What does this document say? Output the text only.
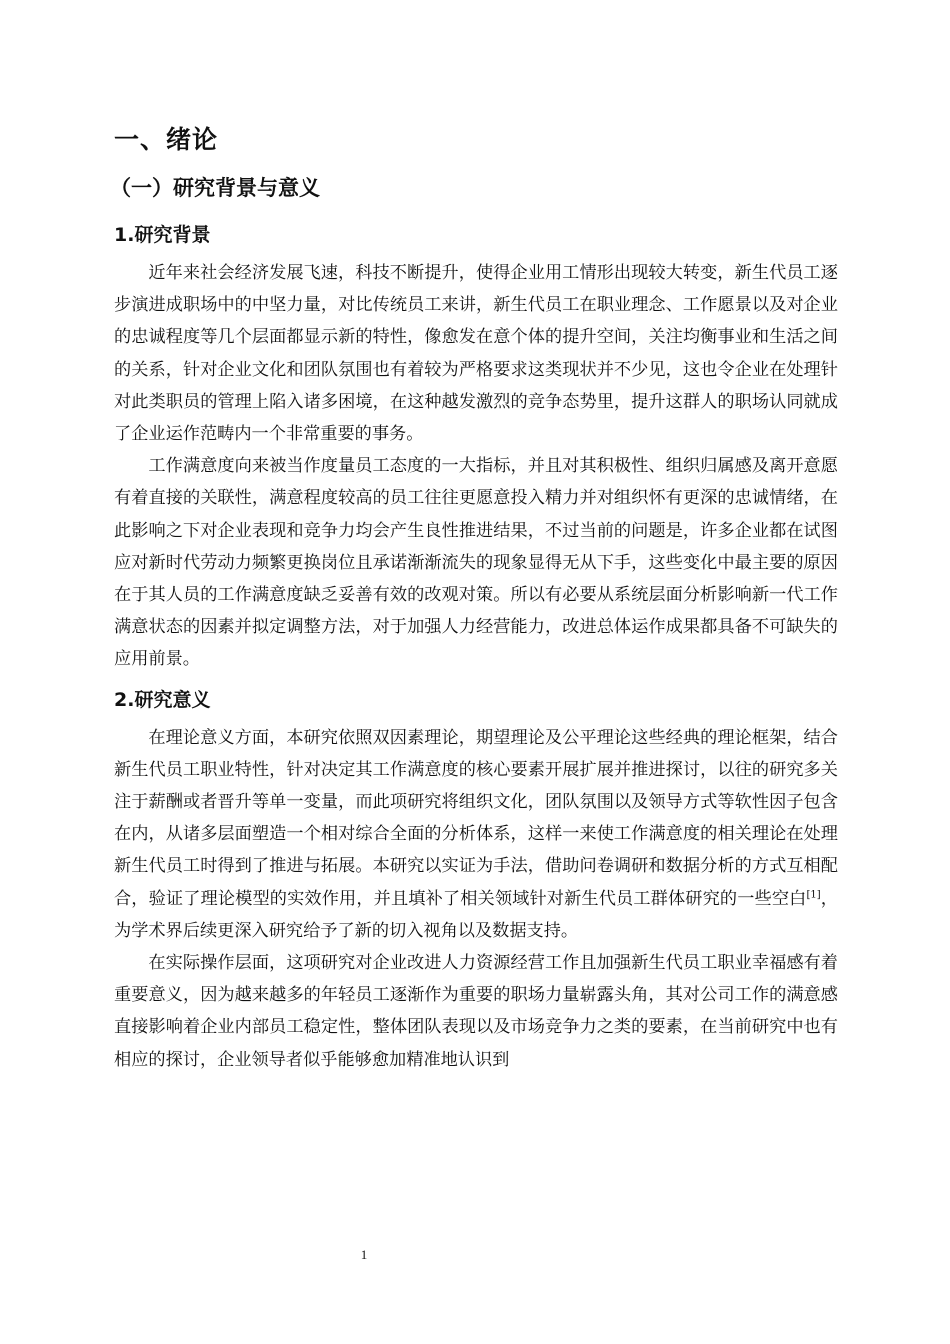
一、绪论
（一）研究背景与意义
1.研究背景

近年来社会经济发展飞速，科技不断提升，使得企业用工情形出现较大转变，新生代员工逐步演进成职场中的中坚力量，对比传统员工来讲，新生代员工在职业理念、工作愿景以及对企业的忠诚程度等几个层面都显示新的特性，像愈发在意个体的提升空间，关注均衡事业和生活之间的关系，针对企业文化和团队氛围也有着较为严格要求这类现状并不少见，这也令企业在处理针对此类职员的管理上陷入诸多困境，在这种越发激烈的竞争态势里，提升这群人的职场认同就成了企业运作范畴内一个非常重要的事务。

工作满意度向来被当作度量员工态度的一大指标，并且对其积极性、组织归属感及离开意愿有着直接的关联性，满意程度较高的员工往往更愿意投入精力并对组织怀有更深的忠诚情绪，在此影响之下对企业表现和竞争力均会产生良性推进结果，不过当前的问题是，许多企业都在试图应对新时代劳动力频繁更换岗位且承诺渐渐流失的现象显得无从下手，这些变化中最主要的原因在于其人员的工作满意度缺乏妥善有效的改观对策。所以有必要从系统层面分析影响新一代工作满意状态的因素并拟定调整方法，对于加强人力经营能力，改进总体运作成果都具备不可缺失的应用前景。

2.研究意义

在理论意义方面，本研究依照双因素理论，期望理论及公平理论这些经典的理论框架，结合新生代员工职业特性，针对决定其工作满意度的核心要素开展扩展并推进探讨，以往的研究多关注于薪酬或者晋升等单一变量，而此项研究将组织文化，团队氛围以及领导方式等软性因子包含在内，从诸多层面塑造一个相对综合全面的分析体系，这样一来使工作满意度的相关理论在处理新生代员工时得到了推进与拓展。本研究以实证为手法，借助问卷调研和数据分析的方式互相配合，验证了理论模型的实效作用，并且填补了相关领域针对新生代员工群体研究的一些空白[1]，为学术界后续更深入研究给予了新的切入视角以及数据支持。

在实际操作层面，这项研究对企业改进人力资源经营工作且加强新生代员工职业幸福感有着重要意义，因为越来越多的年轻员工逐渐作为重要的职场力量崭露头角，其对公司工作的满意感直接影响着企业内部员工稳定性，整体团队表现以及市场竞争力之类的要素，在当前研究中也有相应的探讨，企业领导者似乎能够愈加精准地认识到

1
